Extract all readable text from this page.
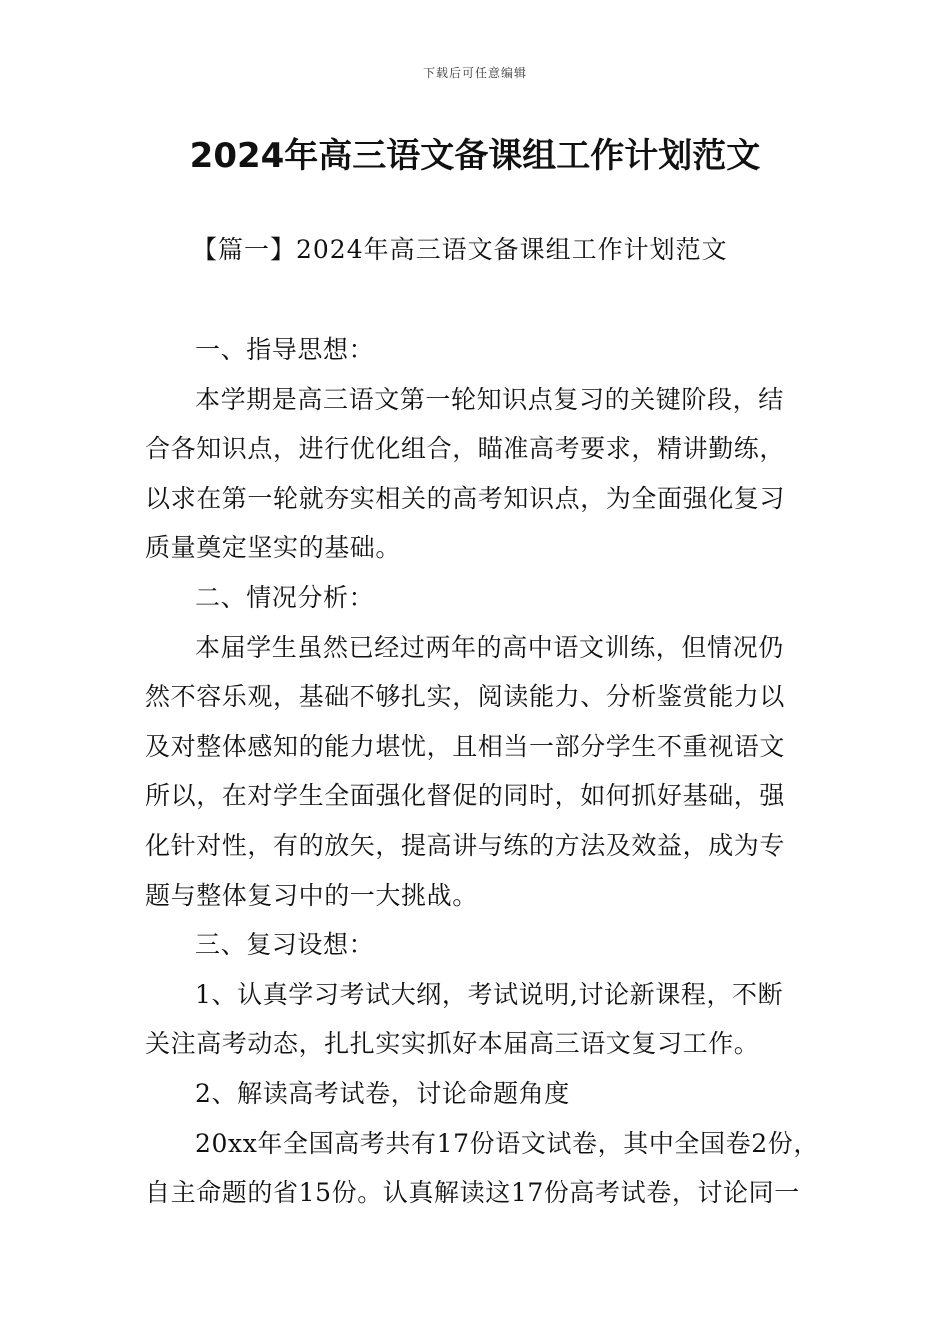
下载后可任意编辑
2024年高三语文备课组工作计划范文
【篇一】2024年高三语文备课组工作计划范文
一、指导思想：
本学期是高三语文第一轮知识点复习的关键阶段，结
合各知识点，进行优化组合，瞄准高考要求，精讲勤练，
以求在第一轮就夯实相关的高考知识点，为全面强化复习
质量奠定坚实的基础。
二、情况分析：
本届学生虽然已经过两年的高中语文训练，但情况仍
然不容乐观，基础不够扎实，阅读能力、分析鉴赏能力以
及对整体感知的能力堪忧，且相当一部分学生不重视语文
所以，在对学生全面强化督促的同时，如何抓好基础，强
化针对性，有的放矢，提高讲与练的方法及效益，成为专
题与整体复习中的一大挑战。
三、复习设想：
1、认真学习考试大纲，考试说明,讨论新课程，不断
关注高考动态，扎扎实实抓好本届高三语文复习工作。
2、解读高考试卷，讨论命题角度
20xx年全国高考共有17份语文试卷，其中全国卷2份，
自主命题的省15份。认真解读这17份高考试卷，讨论同一
